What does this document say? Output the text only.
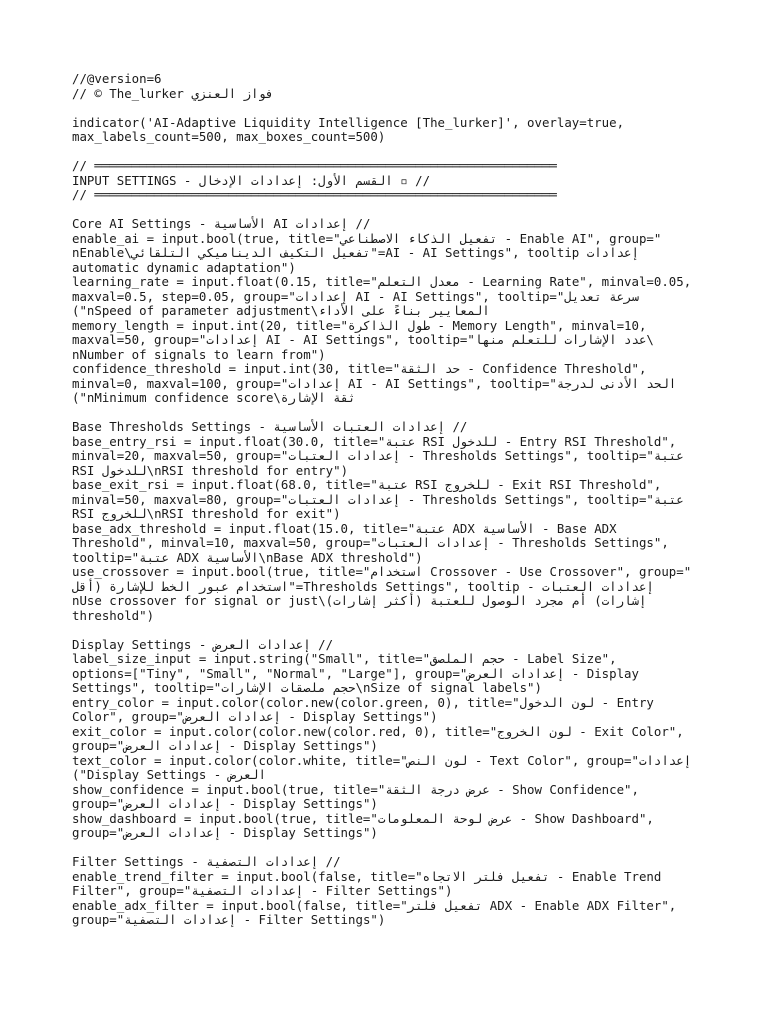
//@version=6
// © The_lurker فواز العنزي
indicator('AI-Adaptive Liquidity Intelligence [The_lurker]', overlay=true,
max_labels_count=500, max_boxes_count=500)
// ══════════════════════════════════════════════════════════════
// ▫ القسم الأول: إعدادات الإدخال - INPUT SETTINGS
// ══════════════════════════════════════════════════════════════
// إعدادات AI الأساسية - Core AI Settings
enable_ai = input.bool(true, title="تفعيل الذكاء الاصطناعي - Enable AI", group="
إعدادات AI - AI Settings", tooltip="تفعيل التكيف الديناميكي التلقائي\nEnable
automatic dynamic adaptation")
learning_rate = input.float(0.15, title="معدل التعلم - Learning Rate", minval=0.05,
maxval=0.5, step=0.05, group="إعدادات AI - AI Settings", tooltip="سرعة تعديل
المعايير بناءً على الأداء\nSpeed of parameter adjustment")
memory_length = input.int(20, title="طول الذاكرة - Memory Length", minval=10,
maxval=50, group="إعدادات AI - AI Settings", tooltip="عدد الإشارات للتعلم منها\
nNumber of signals to learn from")
confidence_threshold = input.int(30, title="حد الثقة - Confidence Threshold",
minval=0, maxval=100, group="إعدادات AI - AI Settings", tooltip="الحد الأدنى لدرجة
ثقة الإشارة\nMinimum confidence score")
// إعدادات العتبات الأساسية - Base Thresholds Settings
base_entry_rsi = input.float(30.0, title="عتبة RSI للدخول - Entry RSI Threshold",
minval=20, maxval=50, group="إعدادات العتبات - Thresholds Settings", tooltip="عتبة
RSI للدخول\nRSI threshold for entry")
base_exit_rsi = input.float(68.0, title="عتبة RSI للخروج - Exit RSI Threshold",
minval=50, maxval=80, group="إعدادات العتبات - Thresholds Settings", tooltip="عتبة
RSI للخروج\nRSI threshold for exit")
base_adx_threshold = input.float(15.0, title="عتبة ADX الأساسية - Base ADX
Threshold", minval=10, maxval=50, group="إعدادات العتبات - Thresholds Settings",
tooltip="عتبة ADX الأساسية\nBase ADX threshold")
use_crossover = input.bool(true, title="استخدام Crossover - Use Crossover", group="
إعدادات العتبات - Thresholds Settings", tooltip="استخدام عبور الخط للإشارة (أقل
إشارات) أم مجرد الوصول للعتبة (أكثر إشارات)\nUse crossover for signal or just
threshold")
// إعدادات العرض - Display Settings
label_size_input = input.string("Small", title="حجم الملصق - Label Size",
options=["Tiny", "Small", "Normal", "Large"], group="إعدادات العرض - Display
Settings", tooltip="حجم ملصقات الإشارات\nSize of signal labels")
entry_color = input.color(color.new(color.green, 0), title="لون الدخول - Entry
Color", group="إعدادات العرض - Display Settings")
exit_color = input.color(color.new(color.red, 0), title="لون الخروج - Exit Color",
group="إعدادات العرض - Display Settings")
text_color = input.color(color.white, title="لون النص - Text Color", group="إعدادات
العرض - Display Settings")
show_confidence = input.bool(true, title="عرض درجة الثقة - Show Confidence",
group="إعدادات العرض - Display Settings")
show_dashboard = input.bool(true, title="عرض لوحة المعلومات - Show Dashboard",
group="إعدادات العرض - Display Settings")
// إعدادات التصفية - Filter Settings
enable_trend_filter = input.bool(false, title="تفعيل فلتر الاتجاه - Enable Trend
Filter", group="إعدادات التصفية - Filter Settings")
enable_adx_filter = input.bool(false, title="تفعيل فلتر ADX - Enable ADX Filter",
group="إعدادات التصفية - Filter Settings")
